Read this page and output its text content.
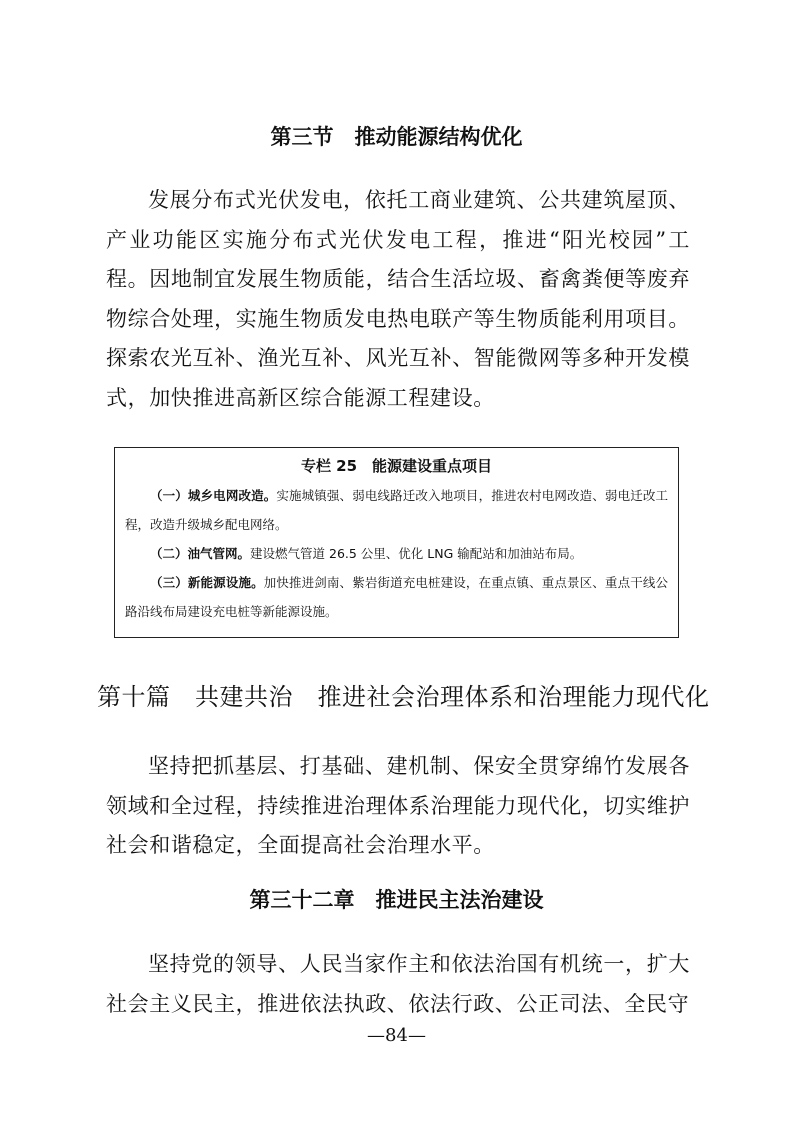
第三节　推动能源结构优化

发展分布式光伏发电，依托工商业建筑、公共建筑屋顶、产业功能区实施分布式光伏发电工程，推进“阳光校园”工程。因地制宜发展生物质能，结合生活垃圾、畜禽粪便等废弃物综合处理，实施生物质发电热电联产等生物质能利用项目。探索农光互补、渔光互补、风光互补、智能微网等多种开发模式，加快推进高新区综合能源工程建设。

专栏 25　能源建设重点项目

（一）城乡电网改造。实施城镇强、弱电线路迁改入地项目，推进农村电网改造、弱电迁改工程，改造升级城乡配电网络。

（二）油气管网。建设燃气管道 26.5 公里、优化 LNG 输配站和加油站布局。

（三）新能源设施。加快推进剑南、紫岩街道充电桩建设，在重点镇、重点景区、重点干线公路沿线布局建设充电桩等新能源设施。

第十篇　共建共治　推进社会治理体系和治理能力现代化

坚持把抓基层、打基础、建机制、保安全贯穿绵竹发展各领域和全过程，持续推进治理体系治理能力现代化，切实维护社会和谐稳定，全面提高社会治理水平。

第三十二章　推进民主法治建设

坚持党的领导、人民当家作主和依法治国有机统一，扩大社会主义民主，推进依法执政、依法行政、公正司法、全民守

—84—
